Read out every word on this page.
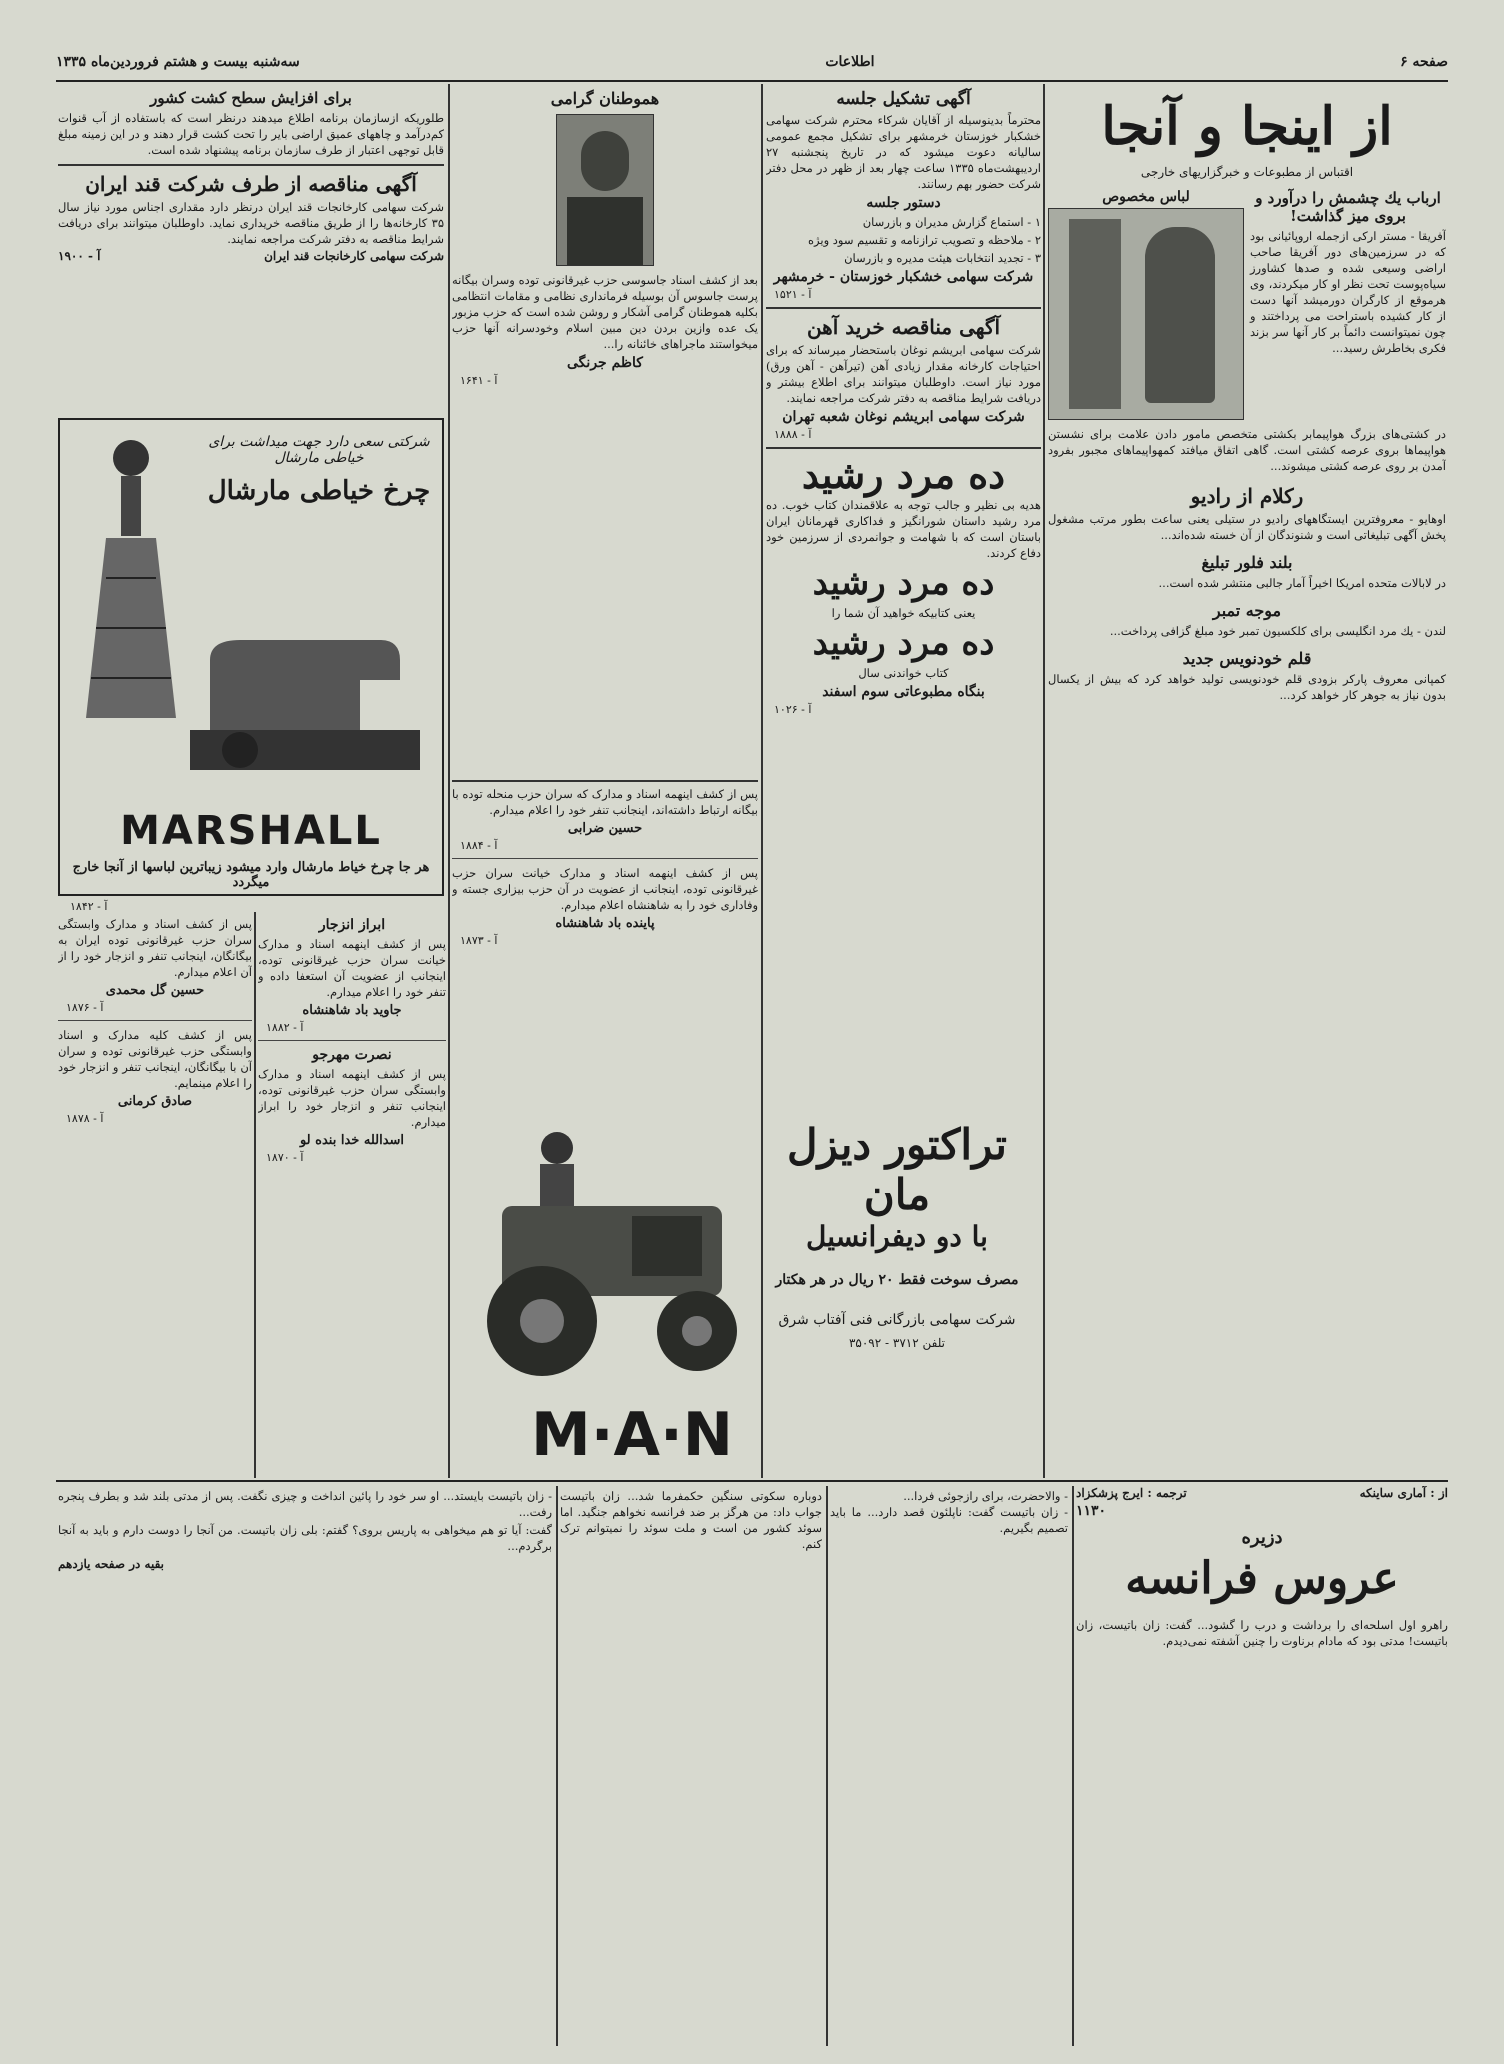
صفحه ۶
اطلاعات
سه‌شنبه بیست و هشتم فروردین‌ماه ۱۳۳۵
از اینجا و آنجا
اقتباس از مطبوعات و خبرگزاریهای خارجی
ارباب یك چشمش را درآورد و بروی میز گذاشت!
آفریقا - مستر ارکی ازجمله اروپائیانی بود که در سرزمین‌های دور آفریقا صاحب اراضی وسیعی شده و صدها کشاورز سیاه‌پوست تحت نظر او کار میکردند، وی هرموقع از کارگران دورمیشد آنها دست از کار کشیده باستراحت می پرداختند و چون نمیتوانست دائماً بر کار آنها سر بزند فکری بخاطرش رسید...
لباس مخصوص
در کشتی‌های بزرگ هواپیمابر بکشتی متخصص مامور دادن علامت برای نشستن هواپیماها بروی عرصه کشتی است. گاهی اتفاق میافتد کمهواپیماهای مجبور بفرود آمدن بر روی عرصه کشتی میشوند...
رکلام از رادیو
اوهایو - معروفترین ایستگاههای رادیو در ستیلی یعنی ساعت بطور مرتب مشغول پخش آگهی تبلیغاتی است و شنوندگان از آن خسته شده‌اند...
بلند فلور تبلیغ
در لابالات متحده امریکا اخیراً آمار جالبی منتشر شده است...
موجه‌ تمبر
لندن - یك مرد انگلیسی برای کلکسیون تمبر خود مبلغ گزافی پرداخت...
قلم خودنویس جدید
کمپانی معروف پارکر بزودی قلم خودنویسی تولید خواهد کرد که بیش از یکسال بدون نیاز به جوهر کار خواهد کرد...
آگهی تشکیل جلسه
محترماً بدینوسیله از آقایان شرکاء محترم شرکت سهامی خشکبار خوزستان خرمشهر برای تشکیل مجمع عمومی سالیانه دعوت میشود که در تاریخ پنجشنبه ۲۷ اردیبهشت‌ماه ۱۳۳۵ ساعت چهار بعد از ظهر در محل دفتر شرکت حضور بهم رسانند.
دستور جلسه
۱ - استماع گزارش مدیران و بازرسان
۲ - ملاحظه و تصویب ترازنامه و تقسیم سود ویژه
۳ - تجدید انتخابات هیئت مدیره و بازرسان
شرکت سهامی خشکبار خوزستان - خرمشهر
آ - ۱۵۲۱
آگهی مناقصه خرید آهن
شرکت سهامی ابریشم نوغان باستحضار میرساند که برای احتیاجات کارخانه مقدار زیادی آهن (تیرآهن - آهن ورق) مورد نیاز است. داوطلبان میتوانند برای اطلاع بیشتر و دریافت شرایط مناقصه به دفتر شرکت مراجعه نمایند.
شرکت سهامی ابریشم نوغان شعبه تهران
آ - ۱۸۸۸
ده مرد رشید
هدیه بی نظیر و جالب توجه به علاقمندان کتاب خوب. ده مرد رشید داستان شورانگیز و فداکاری قهرمانان ایران باستان است که با شهامت و جوانمردی از سرزمین خود دفاع کردند.
ده مرد رشید
یعنی کتابیکه خواهید آن شما را
ده مرد رشید
کتاب خواندنی سال
بنگاه مطبوعاتی سوم اسفند
آ - ۱۰۲۶
هموطنان گرامی
بعد از کشف اسناد جاسوسی حزب غیرقانونی توده وسران بیگانه پرست جاسوس آن بوسیله فرمانداری نظامی و مقامات انتظامی بکلیه هموطنان گرامی آشکار و روشن شده است که حزب مزبور یک عده وازین بردن دین مبین اسلام وخودسرانه آنها حزب میخواستند ماجراهای خائنانه را...
کاظم جرنگی
آ - ۱۶۴۱
برای افزایش سطح کشت کشور
طلوریکه ازسازمان برنامه اطلاع میدهند درنظر است که باستفاده از آب قنوات کم‌درآمد و چاههای عمیق اراضی بایر را تحت کشت قرار دهند و در این زمینه مبلغ قابل توجهی اعتبار از طرف سازمان برنامه پیشنهاد شده است.
آگهی مناقصه از طرف شرکت قند ایران
شرکت سهامی کارخانجات قند ایران درنظر دارد مقداری اجناس مورد نیاز سال ۳۵ کارخانه‌ها را از طریق مناقصه خریداری نماید. داوطلبان میتوانند برای دریافت شرایط مناقصه به دفتر شرکت مراجعه نمایند.
شرکت سهامی کارخانجات قند ایران
آ - ۱۹۰۰
شرکتی سعی دارد جهت میداشت برای خیاطی مارشال
چرخ خیاطی مارشال
MARSHALL
هر جا چرخ خیاط مارشال وارد میشود زیباترین لباسها از آنجا خارج میگردد
آ - ۱۸۴۲
پس از کشف اسناد و مدارک وابستگی سران حزب غیرقانونی توده ایران به بیگانگان، اینجانب تنفر و انزجار خود را از آن اعلام میدارم.
حسین گل محمدی
آ - ۱۸۷۶
پس از کشف کلیه مدارک و اسناد وابستگی حزب غیرقانونی توده و سران آن با بیگانگان، اینجانب تنفر و انزجار خود را اعلام مینمایم.
صادق کرمانی
آ - ۱۸۷۸
ابراز انزجار
پس از کشف اینهمه اسناد و مدارک خیانت سران حزب غیرقانونی توده، اینجانب از عضویت آن استعفا داده و تنفر خود را اعلام میدارم.
جاوید باد شاهنشاه
آ - ۱۸۸۲
نصرت مهرجو
پس از کشف اینهمه اسناد و مدارک وابستگی سران حزب غیرقانونی توده، اینجانب تنفر و انزجار خود را ابراز میدارم.
اسدالله خدا بنده لو
آ - ۱۸۷۰
پس از کشف اینهمه اسناد و مدارک که سران حزب منحله توده با بیگانه ارتباط داشته‌اند، اینجانب تنفر خود را اعلام میدارم.
حسین ضرابی
آ - ۱۸۸۴
پس از کشف اینهمه اسناد و مدارک خیانت سران حزب غیرقانونی توده، اینجانب از عضویت در آن حزب بیزاری جسته و وفاداری خود را به شاهنشاه اعلام میدارم.
پاینده باد شاهنشاه
آ - ۱۸۷۳
تراکتور دیزل مان
با دو دیفرانسیل
مصرف سوخت فقط ۲۰ ریال در هر هکتار
شرکت سهامی بازرگانی فنی آفتاب شرق
تلفن ۳۷۱۲ - ۳۵۰۹۲
M·A·N
از : آماری ساینکه
ترجمه : ایرج پزشکزاد
۱۱۳۰
دزیره
عروس فرانسه
راهرو اول اسلحه‌ای را برداشت و درب را گشود... گفت: زان باتیست، زان باتیست! مدتی بود که مادام برناوت را چنین آشفته نمی‌دیدم.
- والاحضرت، برای رازجوئی فردا...
- زان باتیست گفت: ناپلئون قصد دارد... ما باید تصمیم بگیریم.
دوباره سکوتی سنگین حکمفرما شد... زان باتیست جواب داد: من هرگز بر ضد فرانسه نخواهم جنگید. اما سوئد کشور من است و ملت سوئد را نمیتوانم ترک کنم.
- زان باتیست بایستد... او سر خود را پائین انداخت و چیزی نگفت. پس از مدتی بلند شد و بطرف پنجره رفت...
گفت: آیا تو هم میخواهی به پاریس بروی؟ گفتم: بلی زان باتیست. من آنجا را دوست دارم و باید به آنجا برگردم...
بقیه در صفحه یازدهم
